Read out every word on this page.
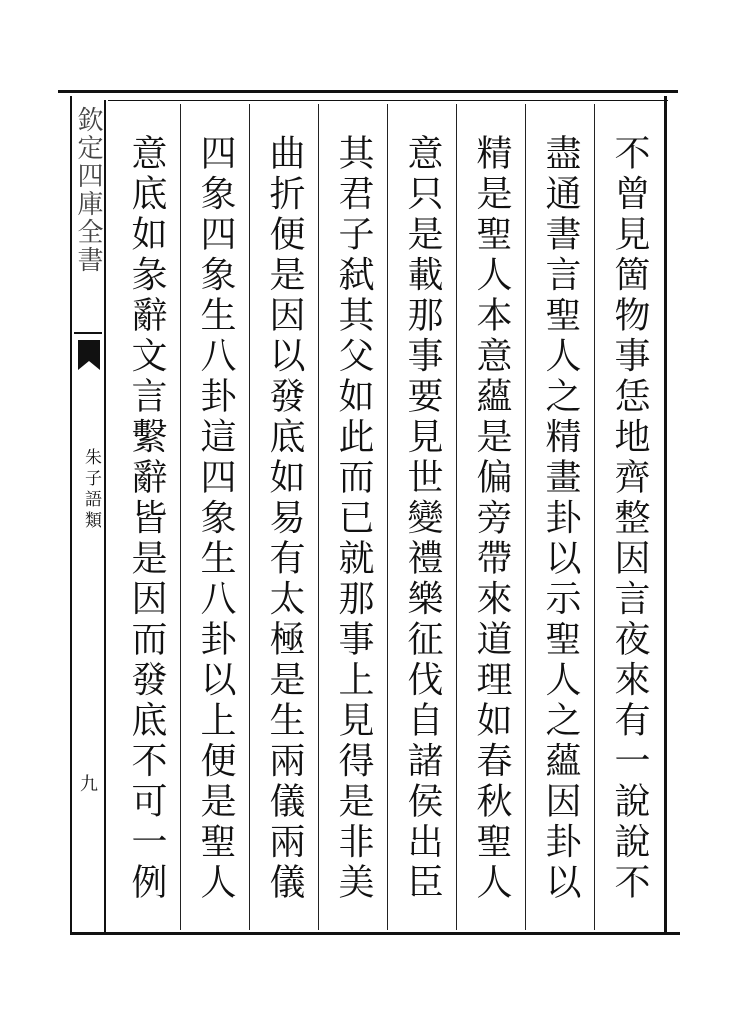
欽定四庫全書
朱子語類
九
不曾見箇物事恁地齊整因言夜來有一說說不
盡通書言聖人之精畫卦以示聖人之蘊因卦以
精是聖人本意蘊是偏旁帶來道理如春秋聖人
意只是載那事要見世變禮樂征伐自諸侯出臣
其君子弑其父如此而已就那事上見得是非美
曲折便是因以發底如易有太極是生兩儀兩儀
四象四象生八卦這四象生八卦以上便是聖人
意底如彖辭文言繫辭皆是因而發底不可一例
